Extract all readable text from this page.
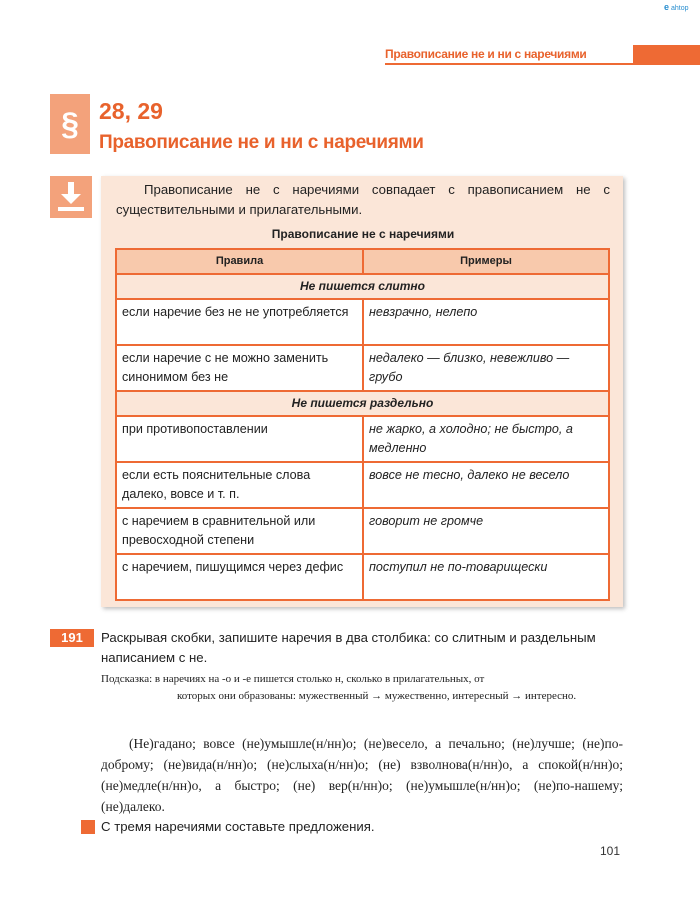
e ahtop
Правописание не и ни с наречиями
§ 28, 29
Правописание не и ни с наречиями
Правописание не с наречиями совпадает с правописанием не с существительными и прилагательными.
Правописание не с наречиями
Правила	Примеры
Не пишется слитно	
если наречие без не не употребляется	невзрачно, нелепо
если наречие с не можно заменить синонимом без не	недалеко — близко, невежливо — грубо
Не пишется раздельно	
при противопоставлении	не жарко, а холодно; не быстро, а медленно
если есть пояснительные слова далеко, вовсе и т. п.	вовсе не тесно, далеко не весело
с наречием в сравнительной или превосходной степени	говорит не громче
с наречием, пишущимся через дефис	поступил не по-товарищески
191	Раскрывая скобки, запишите наречия в два столбика: со слитным и раздельным написанием с не.
Подсказка: в наречиях на -о и -е пишется столько н, сколько в прилагательных, от
которых они образованы: мужественный → мужественно, интересный → интересно.
(Не)гадано; вовсе (не)умышле(н/нн)о; (не)весело, а печально; (не)лучше; (не)по-доброму; (не)вида(н/нн)о; (не)слыха(н/нн)о; (не) взволнова(н/нн)о, а спокой(н/нн)о; (не)медле(н/нн)о, а быстро; (не) вер(н/нн)о; (не)умышле(н/нн)о; (не)по-нашему; (не)далеко.
С тремя наречиями составьте предложения.
101
